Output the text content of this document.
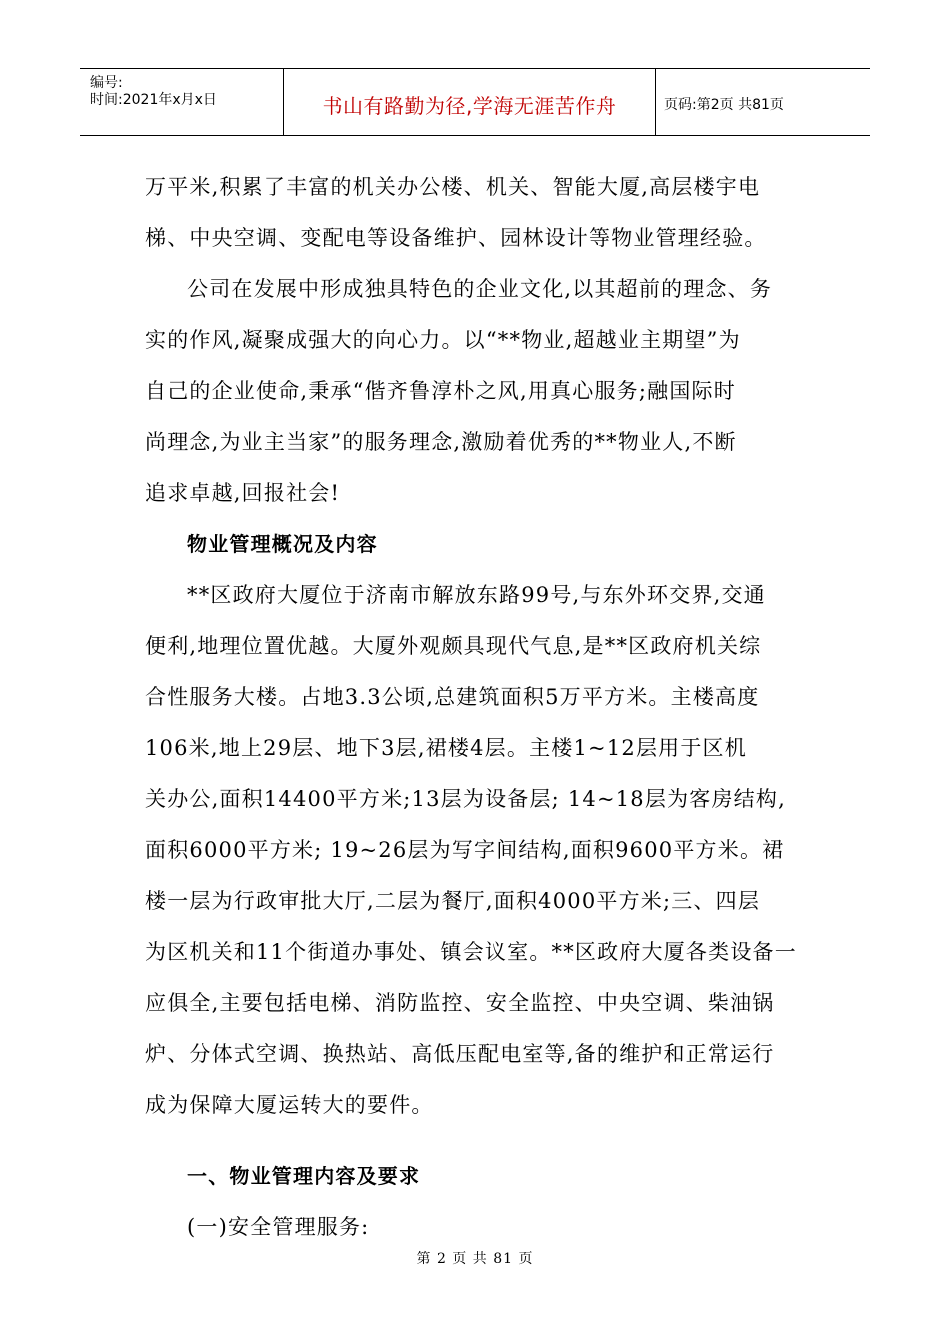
编号:
时间:2021年x月x日	书山有路勤为径,学海无涯苦作舟	页码:第2页 共81页
万平米,积累了丰富的机关办公楼、机关、智能大厦,高层楼宇电
梯、中央空调、变配电等设备维护、园林设计等物业管理经验。
公司在发展中形成独具特色的企业文化,以其超前的理念、务
实的作风,凝聚成强大的向心力。以“**物业,超越业主期望”为
自己的企业使命,秉承“偕齐鲁淳朴之风,用真心服务;融国际时
尚理念,为业主当家”的服务理念,激励着优秀的**物业人,不断
追求卓越,回报社会!
物业管理概况及内容
**区政府大厦位于济南市解放东路99号,与东外环交界,交通
便利,地理位置优越。大厦外观颇具现代气息,是**区政府机关综
合性服务大楼。占地3.3公顷,总建筑面积5万平方米。主楼高度
106米,地上29层、地下3层,裙楼4层。主楼1~12层用于区机
关办公,面积14400平方米;13层为设备层; 14~18层为客房结构,
面积6000平方米; 19~26层为写字间结构,面积9600平方米。裙
楼一层为行政审批大厅,二层为餐厅,面积4000平方米;三、四层
为区机关和11个街道办事处、镇会议室。**区政府大厦各类设备一
应俱全,主要包括电梯、消防监控、安全监控、中央空调、柴油锅
炉、分体式空调、换热站、高低压配电室等,备的维护和正常运行
成为保障大厦运转大的要件。
一、物业管理内容及要求
(一)安全管理服务:
第 2 页 共 81 页
